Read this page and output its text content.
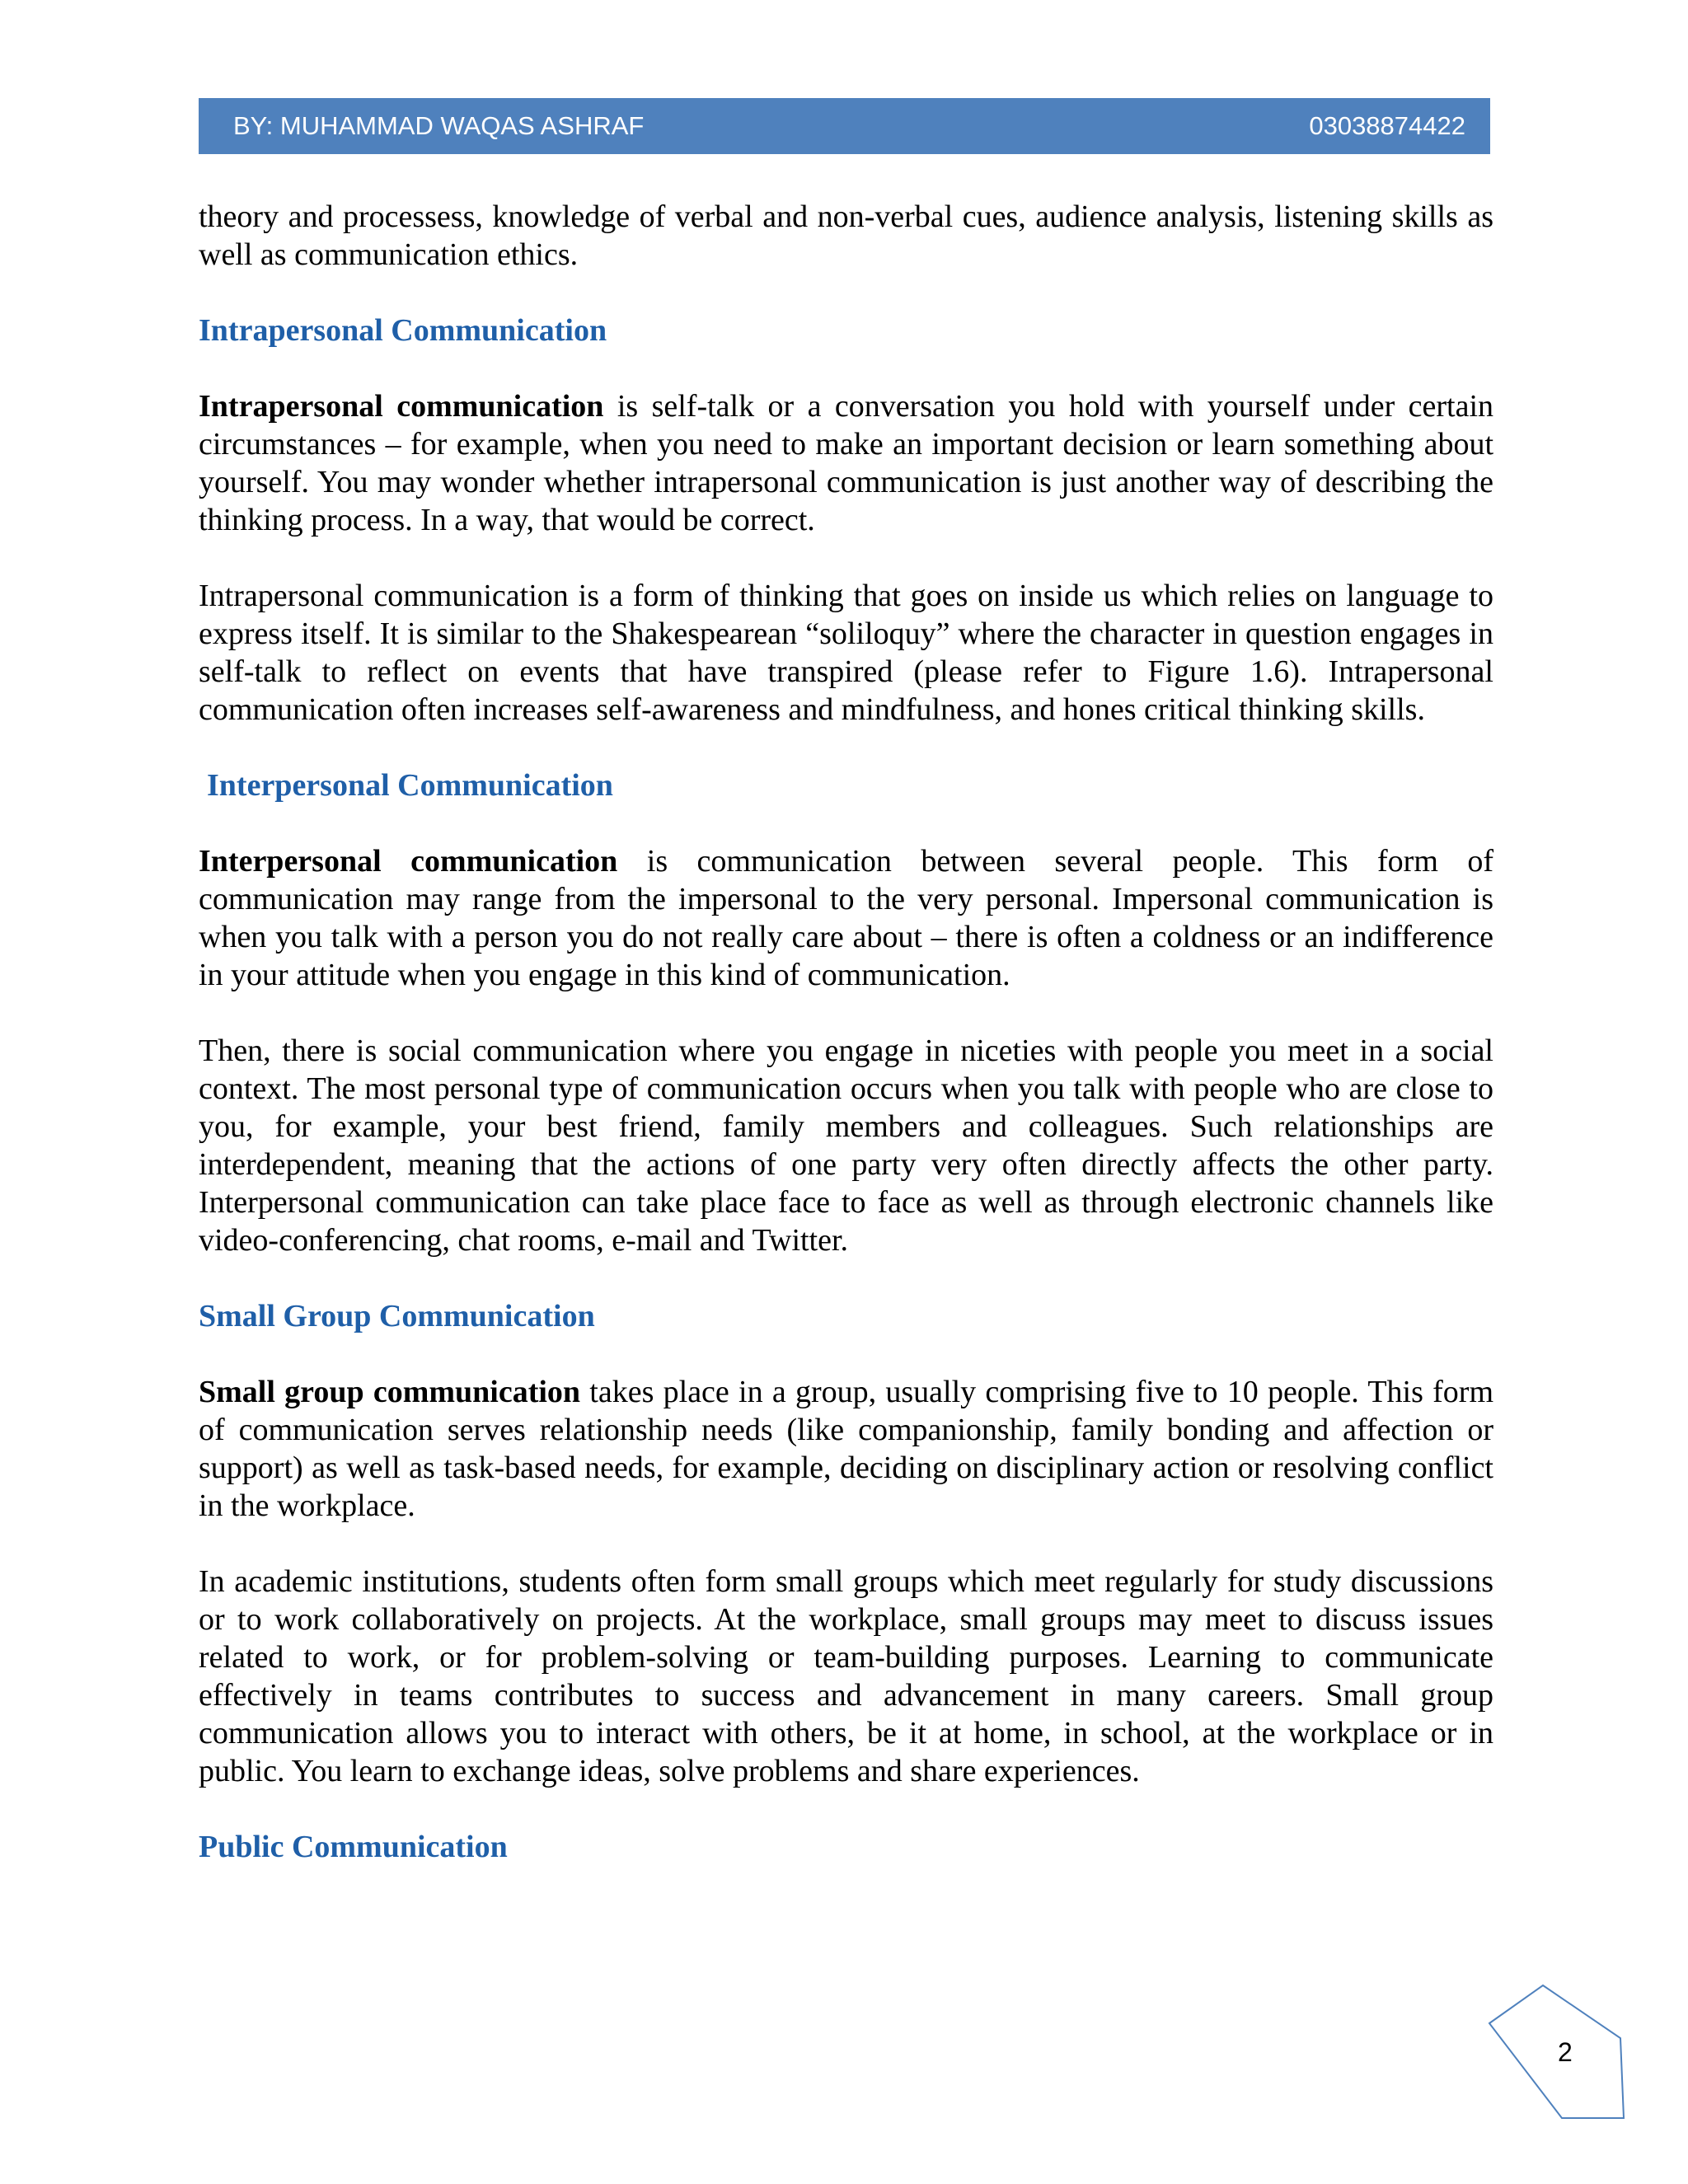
BY: MUHAMMAD WAQAS ASHRAF	03038874422

theory and processess, knowledge of verbal and non-verbal cues, audience analysis, listening skills as well as communication ethics.

Intrapersonal Communication

Intrapersonal communication is self-talk or a conversation you hold with yourself under certain circumstances – for example, when you need to make an important decision or learn something about yourself. You may wonder whether intrapersonal communication is just another way of describing the thinking process. In a way, that would be correct.

Intrapersonal communication is a form of thinking that goes on inside us which relies on language to express itself. It is similar to the Shakespearean “soliloquy” where the character in question engages in self-talk to reflect on events that have transpired (please refer to Figure 1.6). Intrapersonal communication often increases self-awareness and mindfulness, and hones critical thinking skills.

Interpersonal Communication

Interpersonal communication is communication between several people. This form of communication may range from the impersonal to the very personal. Impersonal communication is when you talk with a person you do not really care about – there is often a coldness or an indifference in your attitude when you engage in this kind of communication.

Then, there is social communication where you engage in niceties with people you meet in a social context. The most personal type of communication occurs when you talk with people who are close to you, for example, your best friend, family members and colleagues. Such relationships are interdependent, meaning that the actions of one party very often directly affects the other party. Interpersonal communication can take place face to face as well as through electronic channels like video-conferencing, chat rooms, e-mail and Twitter.

Small Group Communication

Small group communication takes place in a group, usually comprising five to 10 people. This form of communication serves relationship needs (like companionship, family bonding and affection or support) as well as task-based needs, for example, deciding on disciplinary action or resolving conflict in the workplace.

In academic institutions, students often form small groups which meet regularly for study discussions or to work collaboratively on projects. At the workplace, small groups may meet to discuss issues related to work, or for problem-solving or team-building purposes. Learning to communicate effectively in teams contributes to success and advancement in many careers. Small group communication allows you to interact with others, be it at home, in school, at the workplace or in public. You learn to exchange ideas, solve problems and share experiences.

Public Communication
2
